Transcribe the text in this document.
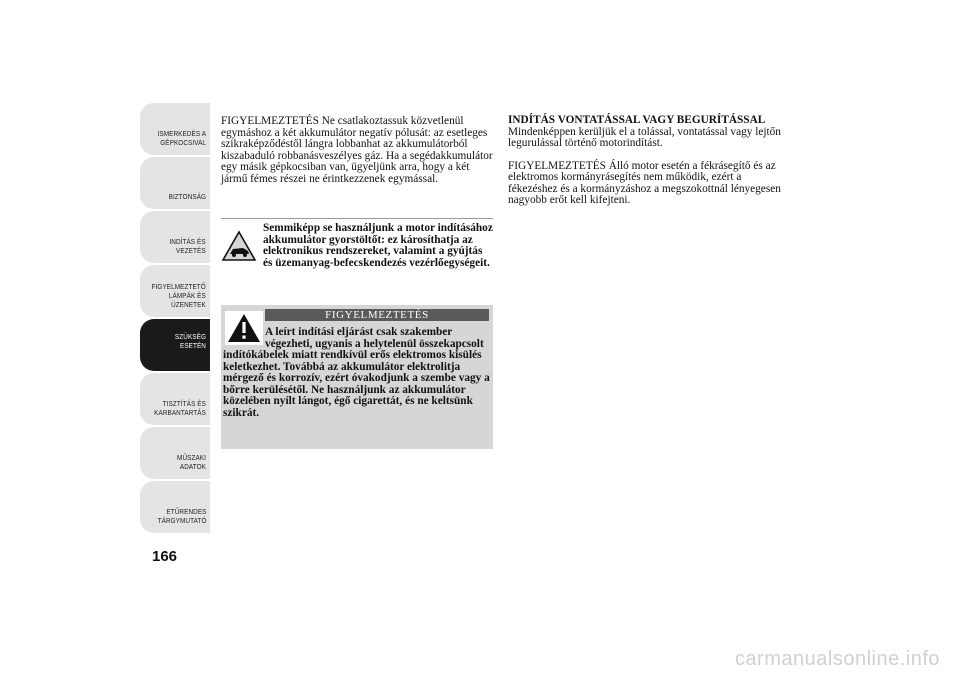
ISMERKEDÉS A
GÉPKOCSIVAL
BIZTONSÁG
INDÍTÁS ÉS
VEZETÉS
FIGYELMEZTETŐ
LÁMPÁK ÉS
ÜZENETEK
SZÜKSÉG ESETÉN
TISZTÍTÁS ÉS
KARBANTARTÁS
MŰSZAKI ADATOK
ETŰRENDES
TÁRGYMUTATÓ
166

FIGYELMEZTETÉS Ne csatlakoztassuk közvetlenül egymáshoz a két akkumulátor negatív pólusát: az esetleges szikraképződéstől lángra lobbanhat az akkumulátorból kiszabaduló robbanásveszélyes gáz. Ha a segédakkumulátor egy másik gépkocsiban van, ügyeljünk arra, hogy a két jármű fémes részei ne érintkezzenek egymással.

Semmiképp se használjunk a motor indításához akkumulátor gyorstöltőt: ez károsíthatja az elektronikus rendszereket, valamint a gyújtás és üzemanyag-befecskendezés vezérlőegységeit.
FIGYELMEZTETÉS
A leírt indítási eljárást csak szakember végezheti, ugyanis a helytelenül összekapcsolt indítókábelek miatt rendkívül erős elektromos kisülés keletkezhet. Továbbá az akkumulátor elektrolitja mérgező és korrozív, ezért óvakodjunk a szembe vagy a bőrre kerülésétől. Ne használjunk az akkumulátor közelében nyílt lángot, égő cigarettát, és ne keltsünk szikrát.

INDÍTÁS VONTATÁSSAL VAGY BEGURÍTÁSSAL

Mindenképpen kerüljük el a tolással, vontatással vagy lejtőn legurulással történő motorindítást.

FIGYELMEZTETÉS Álló motor esetén a fékrásegítő és az elektromos kormányrásegítés nem működik, ezért a fékezéshez és a kormányzáshoz a megszokottnál lényegesen nagyobb erőt kell kifejteni.

carmanualsonline.info
